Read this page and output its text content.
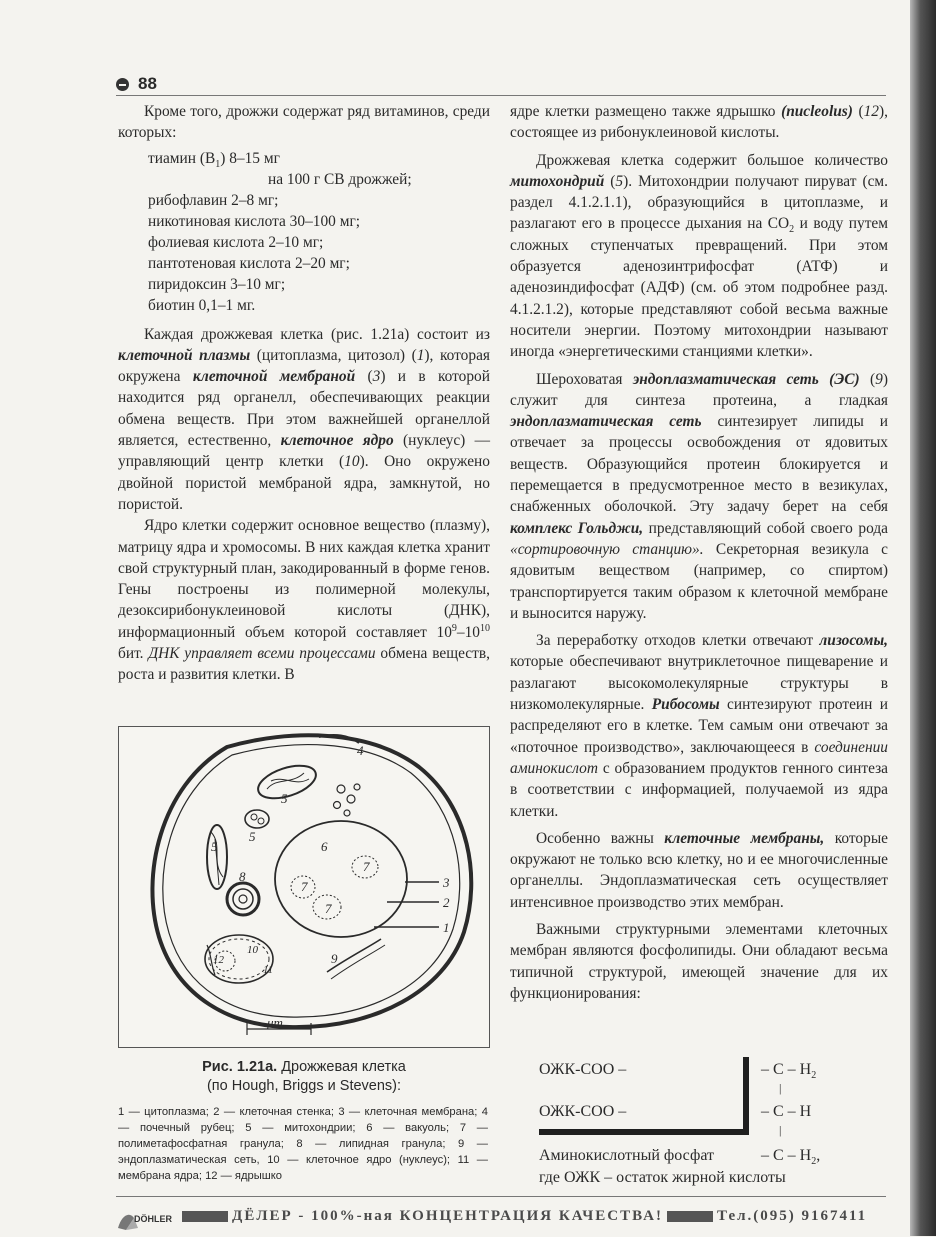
88

Кроме того, дрожжи содержат ряд витаминов, среди которых:

тиамин $(В_1)$ 8–15 мг
на 100 г СВ дрожжей;
рибофлавин 2–8 мг;
никотиновая кислота 30–100 мг;
фолиевая кислота 2–10 мг;
пантотеновая кислота 2–20 мг;
пиридоксин 3–10 мг;
биотин 0,1–1 мг.

Каждая дрожжевая клетка (рис. 1.21а) состоит из клеточной плазмы (цитоплазма, цитозол) (1), которая окружена клеточной мембраной (3) и в которой находится ряд органелл, обеспечивающих реакции обмена веществ. При этом важнейшей органеллой является, естественно, клеточное ядро (нуклеус) — управляющий центр клетки (10). Оно окружено двойной пористой мембраной ядра, замкнутой, но пористой.

Ядро клетки содержит основное вещество (плазму), матрицу ядра и хромосомы. В них каждая клетка хранит свой структурный план, закодированный в форме генов. Гены построены из полимерной молекулы, дезоксирибонуклеиновой кислоты (ДНК), информационный объем которой составляет $10^9-10^{10}$ бит. ДНК управляет всеми процессами обмена веществ, роста и развития клетки. В

ядре клетки размещено также ядрышко (nucleolus) (12), состоящее из рибонуклеиновой кислоты.

Дрожжевая клетка содержит большое количество митохондрий (5). Митохондрии получают пируват (см. раздел 4.1.2.1.1), образующийся в цитоплазме, и разлагают его в процессе дыхания на $СО_2$ и воду путем сложных ступенчатых превращений. При этом образуется аденозинтрифосфат (АТФ) и аденозиндифосфат (АДФ) (см. об этом подробнее разд. 4.1.2.1.2), которые представляют собой весьма важные носители энергии. Поэтому митохондрии называют иногда «энергетическими станциями клетки».

Шероховатая эндоплазматическая сеть (ЭС) (9) служит для синтеза протеина, а гладкая эндоплазматическая сеть синтезирует липиды и отвечает за процессы освобождения от ядовитых веществ. Образующийся протеин блокируется и перемещается в предусмотренное место в везикулах, снабженных оболочкой. Эту задачу берет на себя комплекс Гольджи, представляющий собой своего рода «сортировочную станцию». Секреторная везикула с ядовитым веществом (например, со спиртом) транспортируется таким образом к клеточной мембране и выносится наружу.

За переработку отходов клетки отвечают лизосомы, которые обеспечивают внутриклеточное пищеварение и разлагают высокомолекулярные структуры в низкомолекулярные. Рибосомы синтезируют протеин и распределяют его в клетке. Тем самым они отвечают за «поточное производство», заключающееся в соединении аминокислот с образованием продуктов генного синтеза в соответствии с информацией, получаемой из ядра клетки.

Особенно важны клеточные мембраны, которые окружают не только всю клетку, но и ее многочисленные органеллы. Эндоплазматическая сеть осуществляет интенсивное производство этих мембран.

Важными структурными элементами клеточных мембран являются фосфолипиды. Они обладают весьма типичной структурой, имеющей значение для их функционирования:

4
5
5
5	6
7
7
7
8	3
2
1
9
10
11
12
μm
Рис. 1.21а. Дрожжевая клетка
(по Hough, Briggs и Stevens):
1 — цитоплазма; 2 — клеточная стенка; 3 — клеточная мембрана; 4 — почечный рубец; 5 — митохондрии; 6 — вакуоль; 7 — полиметафосфатная гранула; 8 — липидная гранула; 9 — эндоплазматическая сеть, 10 — клеточное ядро (нуклеус); 11 — мембрана ядра; 12 — ядрышко
ОЖК-СОО –
ОЖК-СОО –
– С – $Н_2$
|
– С – Н
|
Аминокислотный фосфат	– С – $Н_2$,
где ОЖК – остаток жирной кислоты
DÖHLER	ДЁЛЕР - 100%-ная КОНЦЕНТРАЦИЯ КАЧЕСТВА!	Тел.(095) 9167411
